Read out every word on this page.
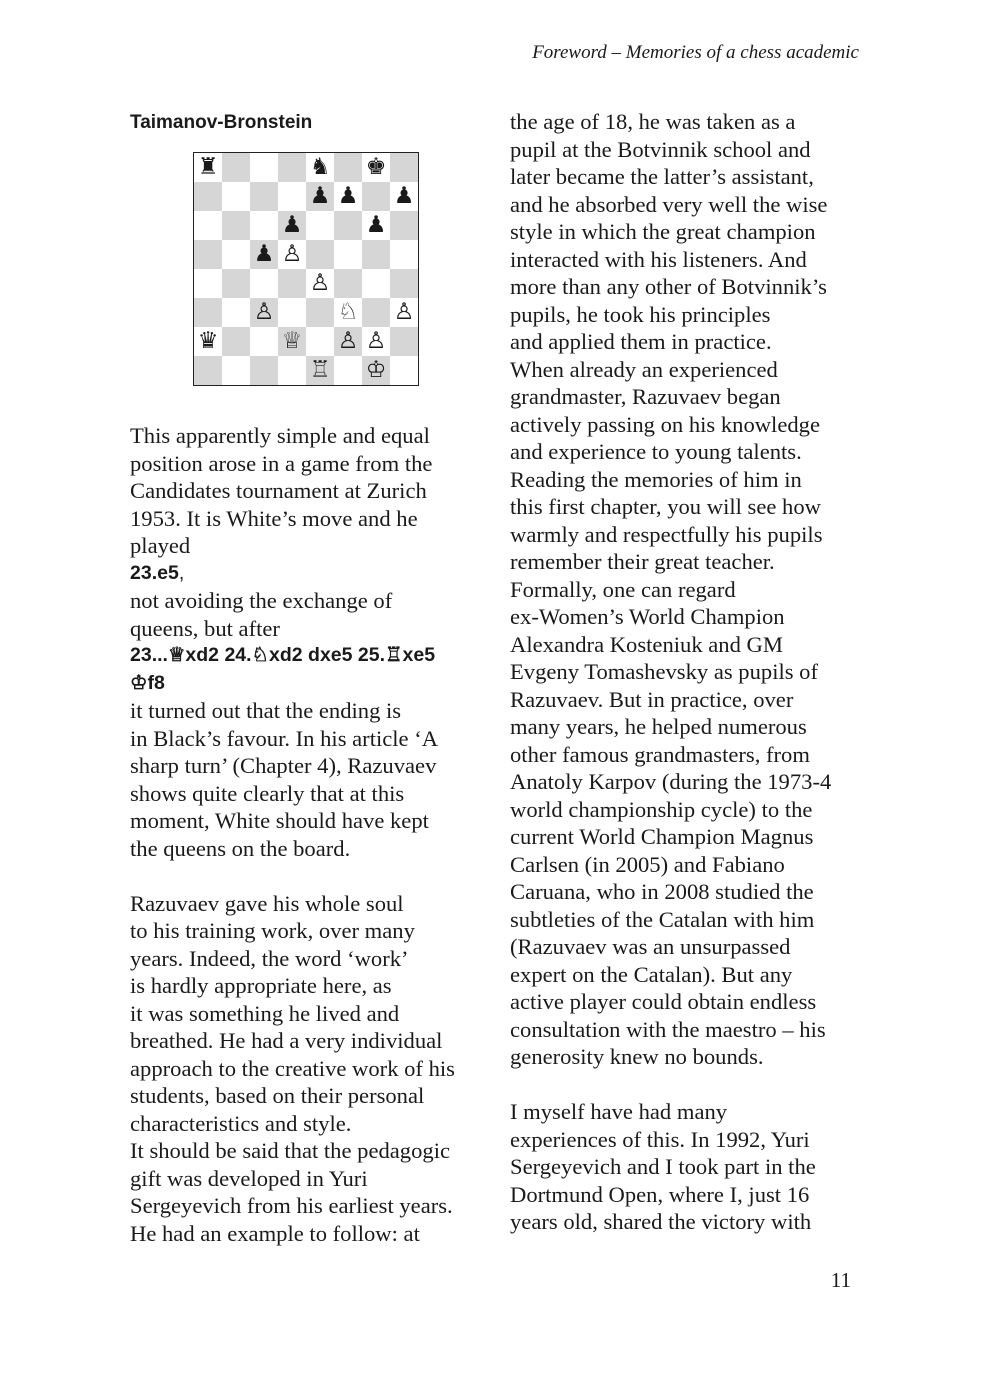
Foreword – Memories of a chess academic
Taimanov-Bronstein
♜	♞ ♚
♟ ♟ ♟
♟	♟
♟ ♙
♙
♙	♘ ♙
♛	♕ ♙ ♙
♖ ♔
This apparently simple and equal
position arose in a game from the
Candidates tournament at Zurich
1953. It is White’s move and he
played
23.e5,
not avoiding the exchange of
queens, but after
23...♕xd2 24.♘xd2 dxe5 25.♖xe5
♔f8
it turned out that the ending is
in Black’s favour. In his article ‘A
sharp turn’ (Chapter 4), Razuvaev
shows quite clearly that at this
moment, White should have kept
the queens on the board.
Razuvaev gave his whole soul
to his training work, over many
years. Indeed, the word ‘work’
is hardly appropriate here, as
it was something he lived and
breathed. He had a very individual
approach to the creative work of his
students, based on their personal
characteristics and style.
It should be said that the pedagogic
gift was developed in Yuri
Sergeyevich from his earliest years.
He had an example to follow: at
the age of 18, he was taken as a
pupil at the Botvinnik school and
later became the latter’s assistant,
and he absorbed very well the wise
style in which the great champion
interacted with his listeners. And
more than any other of Botvinnik’s
pupils, he took his principles
and applied them in practice.
When already an experienced
grandmaster, Razuvaev began
actively passing on his knowledge
and experience to young talents.
Reading the memories of him in
this first chapter, you will see how
warmly and respectfully his pupils
remember their great teacher.
Formally, one can regard
ex-Women’s World Champion
Alexandra Kosteniuk and GM
Evgeny Tomashevsky as pupils of
Razuvaev. But in practice, over
many years, he helped numerous
other famous grandmasters, from
Anatoly Karpov (during the 1973-4
world championship cycle) to the
current World Champion Magnus
Carlsen (in 2005) and Fabiano
Caruana, who in 2008 studied the
subtleties of the Catalan with him
(Razuvaev was an unsurpassed
expert on the Catalan). But any
active player could obtain endless
consultation with the maestro – his
generosity knew no bounds.
I myself have had many
experiences of this. In 1992, Yuri
Sergeyevich and I took part in the
Dortmund Open, where I, just 16
years old, shared the victory with
11
